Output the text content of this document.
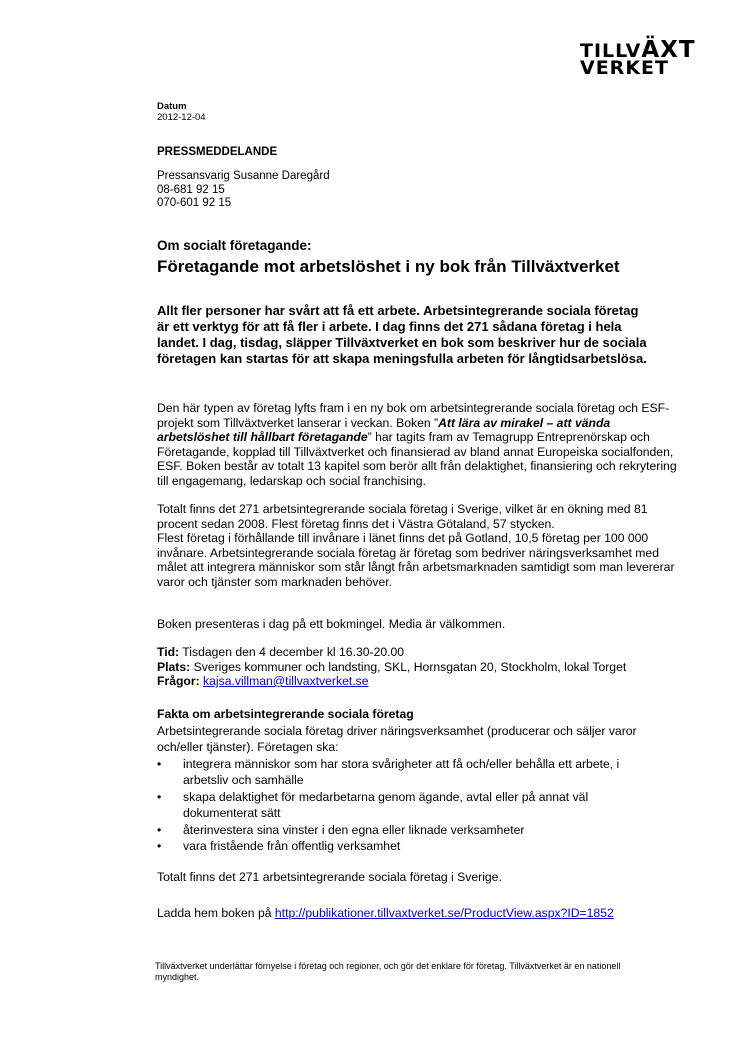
TILLVÄXT
VERKET
Datum
2012-12-04
PRESSMEDDELANDE
Pressansvarig Susanne Daregård
08-681 92 15
070-601 92 15
Om socialt företagande:
Företagande mot arbetslöshet i ny bok från Tillväxtverket
Allt fler personer har svårt att få ett arbete. Arbetsintegrerande sociala företag är ett verktyg för att få fler i arbete. I dag finns det 271 sådana företag i hela landet. I dag, tisdag, släpper Tillväxtverket en bok som beskriver hur de sociala företagen kan startas för att skapa meningsfulla arbeten för långtidsarbetslösa.

Den här typen av företag lyfts fram i en ny bok om arbetsintegrerande sociala företag och ESF-projekt som Tillväxtverket lanserar i veckan. Boken ”Att lära av mirakel – att vända arbetslöshet till hållbart företagande” har tagits fram av Temagrupp Entreprenörskap och Företagande, kopplad till Tillväxtverket och finansierad av bland annat Europeiska socialfonden, ESF. Boken består av totalt 13 kapitel som berör allt från delaktighet, finansiering och rekrytering till engagemang, ledarskap och social franchising.

Totalt finns det 271 arbetsintegrerande sociala företag i Sverige, vilket är en ökning med 81 procent sedan 2008. Flest företag finns det i Västra Götaland, 57 stycken.

Flest företag i förhållande till invånare i länet finns det på Gotland, 10,5 företag per 100 000 invånare. Arbetsintegrerande sociala företag är företag som bedriver näringsverksamhet med målet att integrera människor som står långt från arbetsmarknaden samtidigt som man levererar varor och tjänster som marknaden behöver.

Boken presenteras i dag på ett bokmingel. Media är välkommen.

Tid: Tisdagen den 4 december kl 16.30-20.00

Plats: Sveriges kommuner och landsting, SKL, Hornsgatan 20, Stockholm, lokal Torget

Frågor: kajsa.villman@tillvaxtverket.se

Fakta om arbetsintegrerande sociala företag

Arbetsintegrerande sociala företag driver näringsverksamhet (producerar och säljer varor och/eller tjänster). Företagen ska:

• integrera människor som har stora svårigheter att få och/eller behålla ett arbete, i arbetsliv och samhälle
• skapa delaktighet för medarbetarna genom ägande, avtal eller på annat väl dokumenterat sätt
• återinvestera sina vinster i den egna eller liknade verksamheter
• vara fristående från offentlig verksamhet
Totalt finns det 271 arbetsintegrerande sociala företag i Sverige.
Ladda hem boken på http://publikationer.tillvaxtverket.se/ProductView.aspx?ID=1852
Tillväxtverket underlättar förnyelse i företag och regioner, och gör det enklare för företag. Tillväxtverket är en nationell myndighet.
